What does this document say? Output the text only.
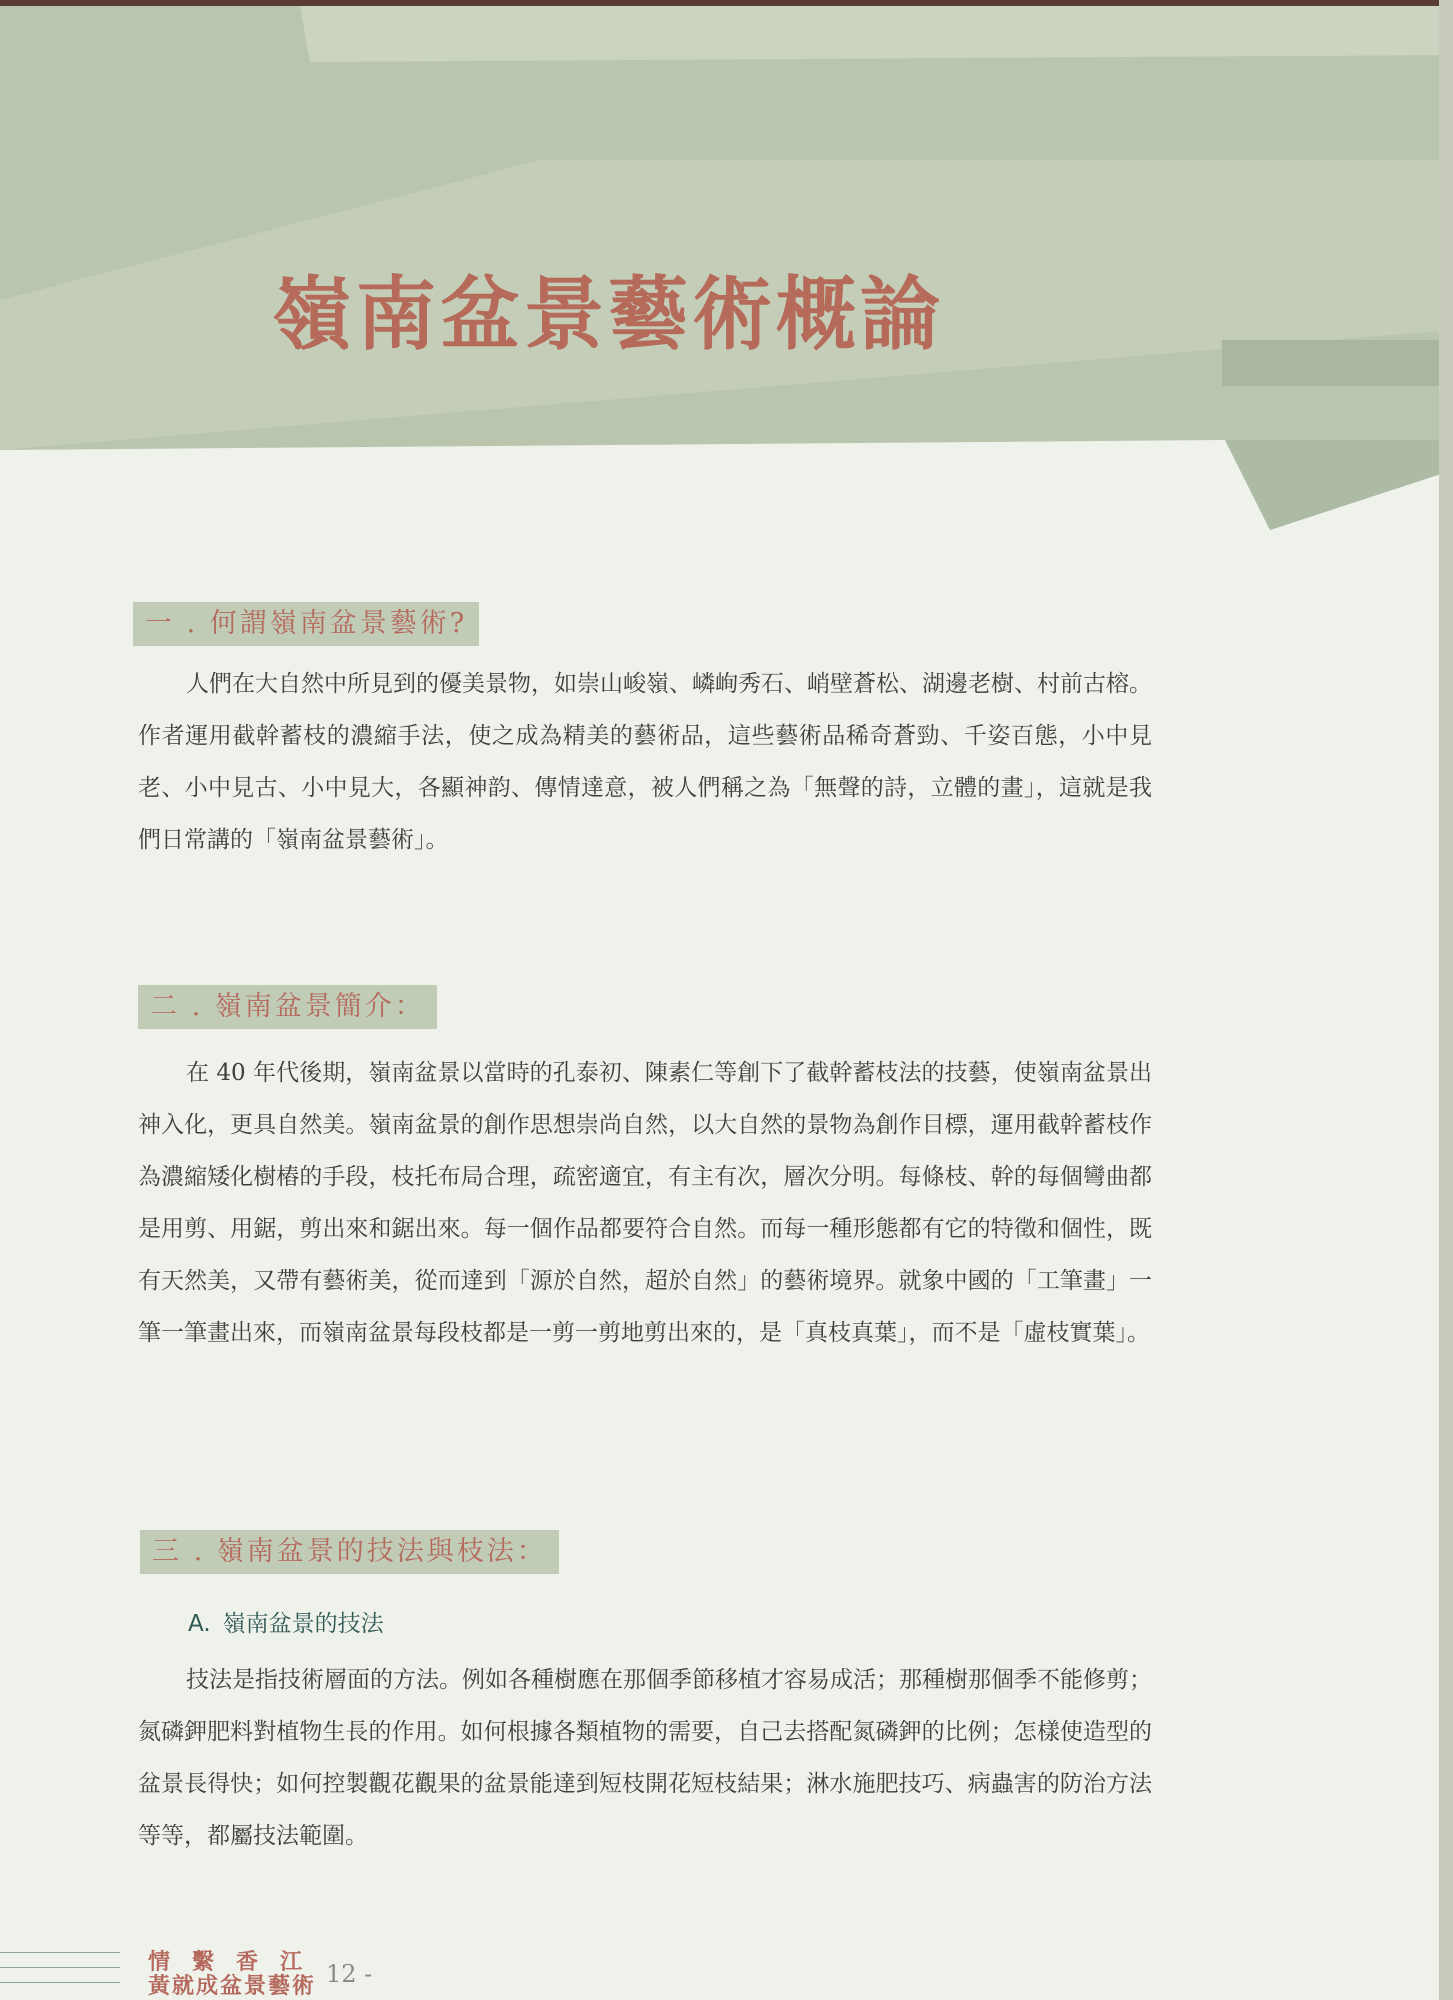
嶺南盆景藝術概論
一 . 何謂嶺南盆景藝術?

人們在大自然中所見到的優美景物，如崇山峻嶺、嶙峋秀石、峭壁蒼松、湖邊老樹、村前古榕。作者運用截幹蓄枝的濃縮手法，使之成為精美的藝術品，這些藝術品稀奇蒼勁、千姿百態，小中見老、小中見古、小中見大，各顯神韵、傳情達意，被人們稱之為「無聲的詩，立體的畫」，這就是我們日常講的「嶺南盆景藝術」。

二 . 嶺南盆景簡介：

在 40 年代後期，嶺南盆景以當時的孔泰初、陳素仁等創下了截幹蓄枝法的技藝，使嶺南盆景出神入化，更具自然美。嶺南盆景的創作思想崇尚自然，以大自然的景物為創作目標，運用截幹蓄枝作為濃縮矮化樹樁的手段，枝托布局合理，疏密適宜，有主有次，層次分明。每條枝、幹的每個彎曲都是用剪、用鋸，剪出來和鋸出來。每一個作品都要符合自然。而每一種形態都有它的特徵和個性，既有天然美，又帶有藝術美，從而達到「源於自然，超於自然」的藝術境界。就象中國的「工筆畫」一筆一筆畫出來，而嶺南盆景每段枝都是一剪一剪地剪出來的，是「真枝真葉」，而不是「虛枝實葉」。

三 . 嶺南盆景的技法與枝法：
A. 嶺南盆景的技法

技法是指技術層面的方法。例如各種樹應在那個季節移植才容易成活；那種樹那個季不能修剪；氮磷鉀肥料對植物生長的作用。如何根據各類植物的需要，自己去搭配氮磷鉀的比例；怎樣使造型的盆景長得快；如何控製觀花觀果的盆景能達到短枝開花短枝結果；淋水施肥技巧、病蟲害的防治方法等等，都屬技法範圍。

情繫香江
黃就成盆景藝術 12 -
